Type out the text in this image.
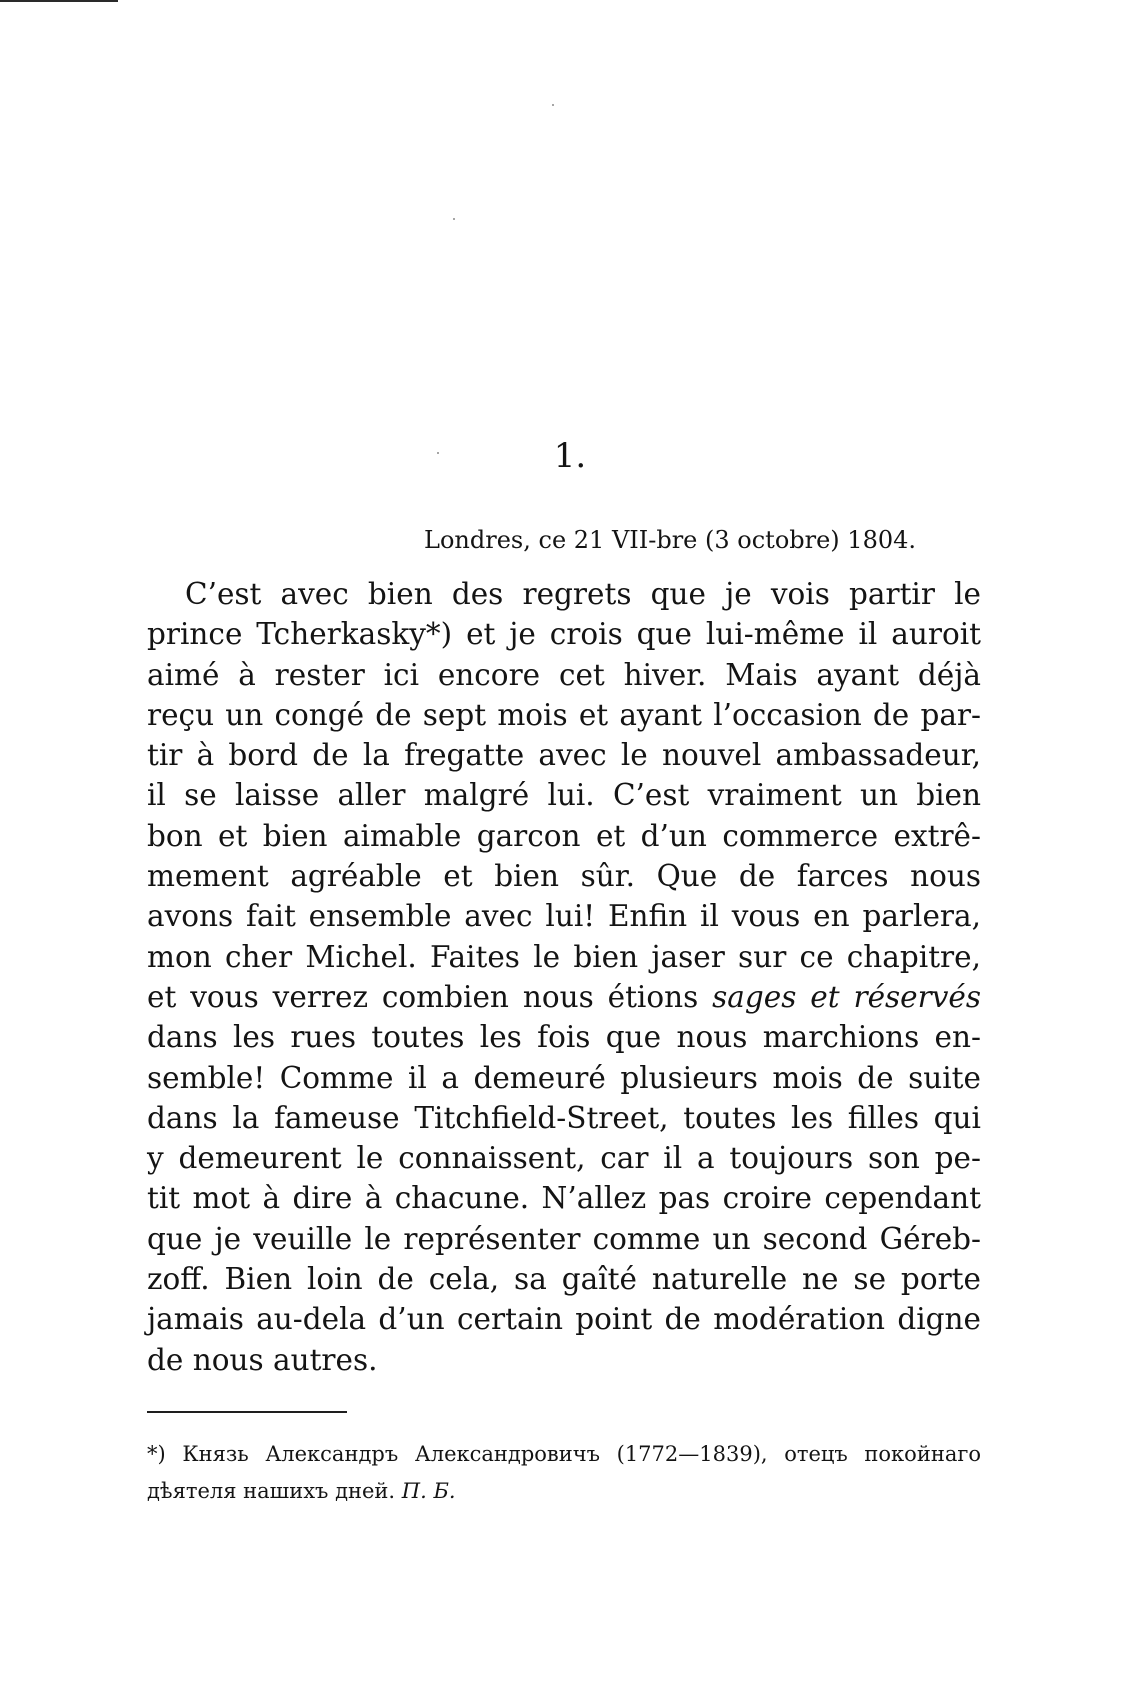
1.
Londres, ce 21 VII-bre (3 octobre) 1804.
C’est avec bien des regrets que je vois partir le
prince Tcherkasky*) et je crois que lui-même il auroit
aimé à rester ici encore cet hiver. Mais ayant déjà
reçu un congé de sept mois et ayant l’occasion de par-
tir à bord de la fregatte avec le nouvel ambassadeur,
il se laisse aller malgré lui. C’est vraiment un bien
bon et bien aimable garcon et d’un commerce extrê-
mement agréable et bien sûr. Que de farces nous
avons fait ensemble avec lui! Enfin il vous en parlera,
mon cher Michel. Faites le bien jaser sur ce chapitre,
et vous verrez combien nous étions sages et réservés
dans les rues toutes les fois que nous marchions en-
semble! Comme il a demeuré plusieurs mois de suite
dans la fameuse Titchfield-Street, toutes les filles qui
y demeurent le connaissent, car il a toujours son pe-
tit mot à dire à chacune. N’allez pas croire cependant
que je veuille le représenter comme un second Géreb-
zoff. Bien loin de cela, sa gaîté naturelle ne se porte
jamais au-dela d’un certain point de modération digne
de nous autres.
*) Князь Александръ Александровичъ (1772—1839), отецъ покойнаго
дѣятеля нашихъ дней. П. Б.
